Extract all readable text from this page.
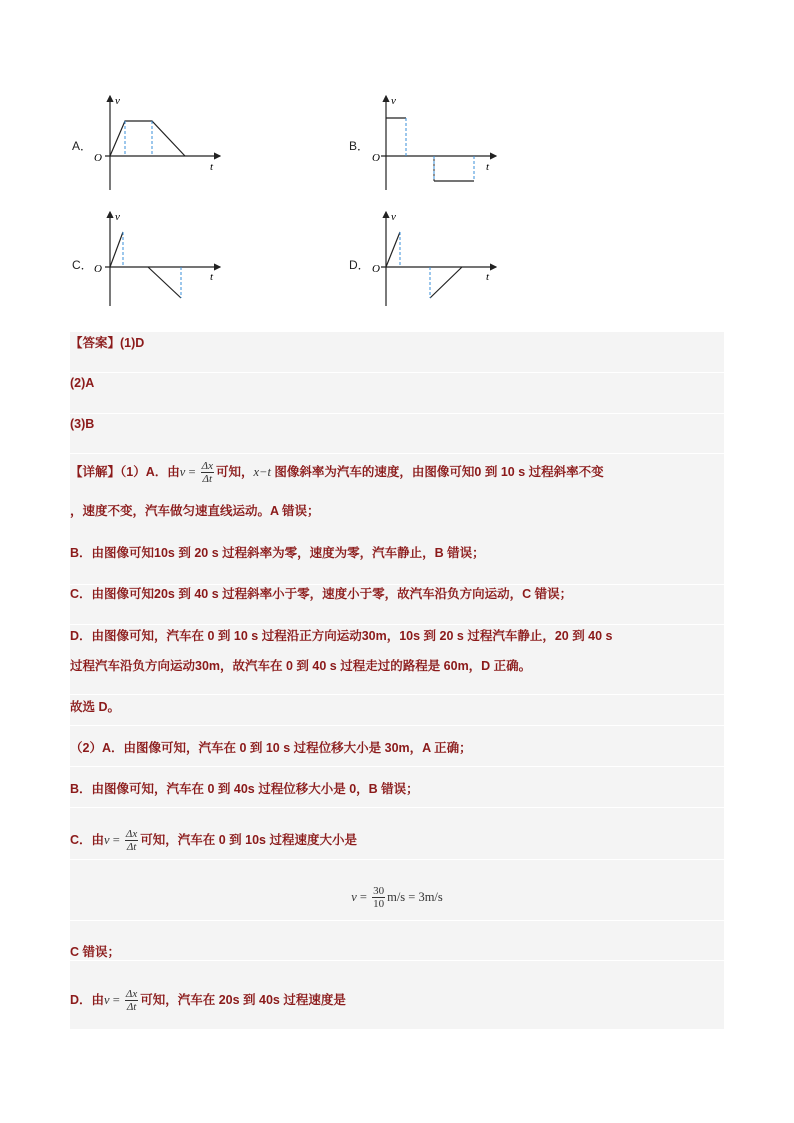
A．	B．
C．	D．
v
t
O
v
t
O
v
t
O
v
t
O
【答案】(1)D
(2)A
(3)B
【详解】（1）A．由$v = \frac{\Delta x}{\Delta t}$ 可知，x−t 图像斜率为汽车的速度，由图像可知0 到 10 s 过程斜率不变
，速度不变，汽车做匀速直线运动。A 错误；
B．由图像可知10s 到 20 s 过程斜率为零，速度为零，汽车静止，B 错误；
C．由图像可知20s 到 40 s 过程斜率小于零，速度小于零，故汽车沿负方向运动，C 错误；
D．由图像可知，汽车在 0 到 10 s 过程沿正方向运动30m，10s 到 20 s 过程汽车静止，20 到 40 s
过程汽车沿负方向运动30m，故汽车在 0 到 40 s 过程走过的路程是 60m，D 正确。
故选 D。
（2）A．由图像可知，汽车在 0 到 10 s 过程位移大小是 30m，A 正确；
B．由图像可知，汽车在 0 到 40s 过程位移大小是 0，B 错误；
C．由$v = \frac{\Delta x}{\Delta t}$ 可知，汽车在 0 到 10s 过程速度大小是
$v = \frac{30}{10} m/s = 3m/s$
C 错误；
D．由$v = \frac{\Delta x}{\Delta t}$ 可知，汽车在 20s 到 40s 过程速度是
